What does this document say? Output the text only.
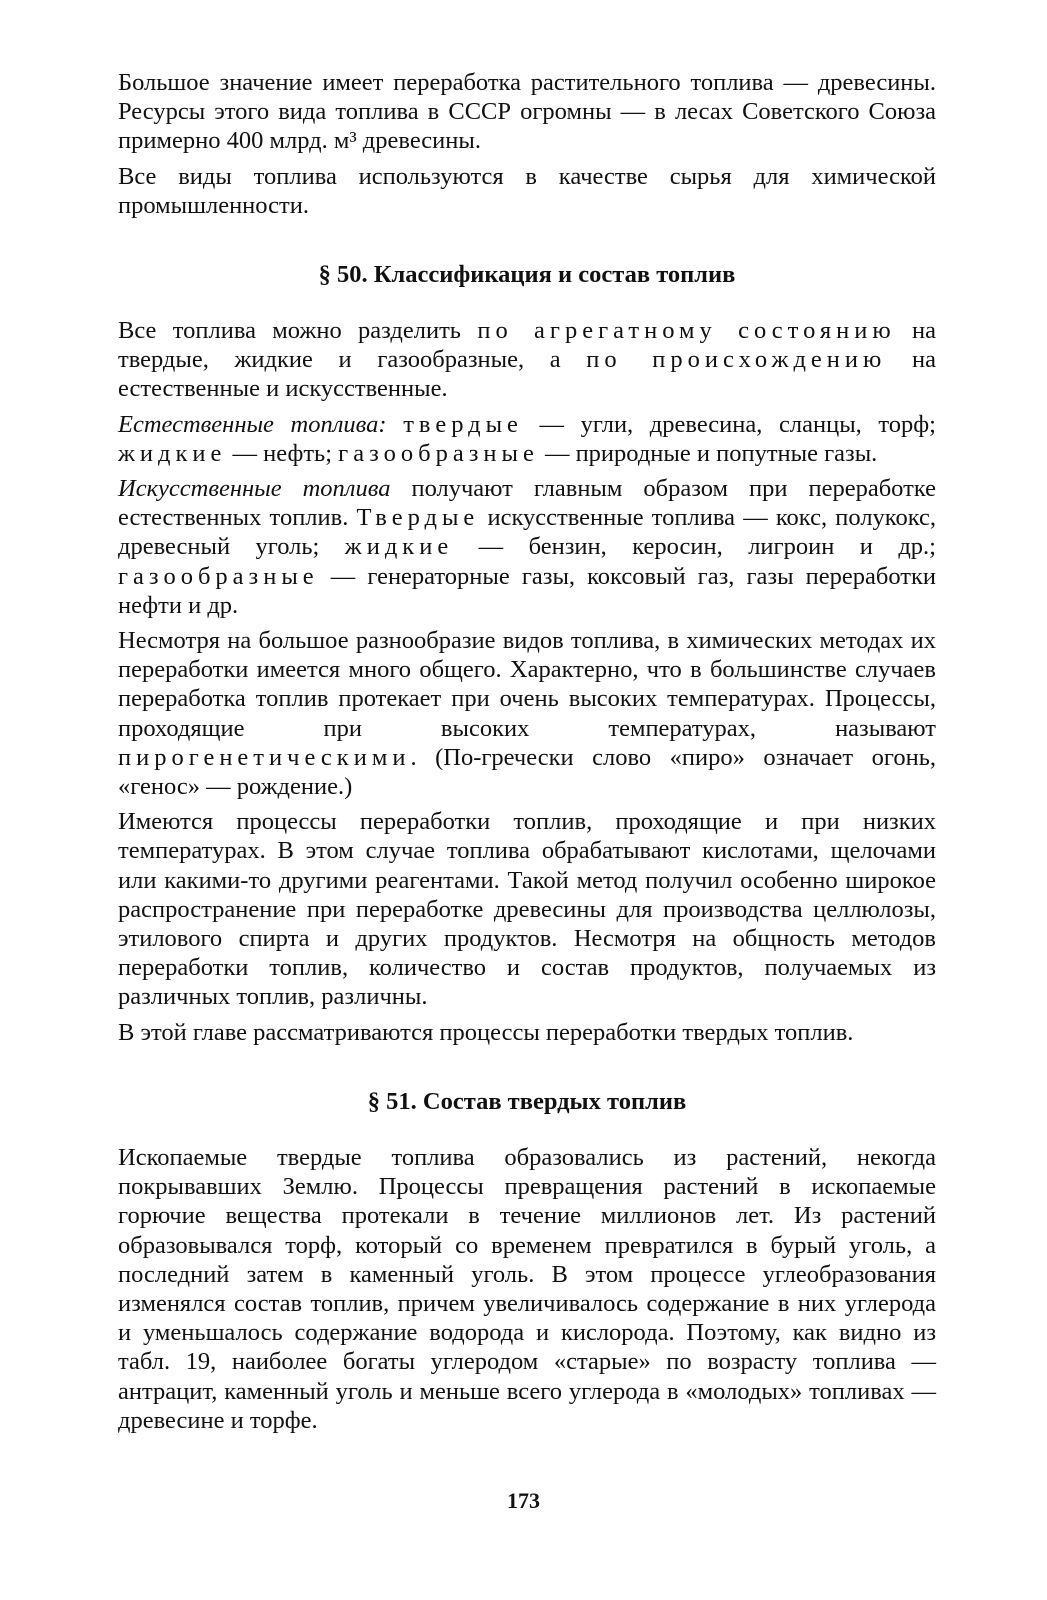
Большое значение имеет переработка растительного топлива — древесины. Ресурсы этого вида топлива в СССР огромны — в лесах Советского Союза примерно 400 млрд. м³ древесины.

Все виды топлива используются в качестве сырья для химической промышленности.

§ 50. Классификация и состав топлив

Все топлива можно разделить по агрегатному состоянию на твердые, жидкие и газообразные, а по происхождению на естественные и искусственные.

Естественные топлива: твердые — угли, древесина, сланцы, торф; жидкие — нефть; газообразные — природные и попутные газы.

Искусственные топлива получают главным образом при переработке естественных топлив. Твердые искусственные топлива — кокс, полукокс, древесный уголь; жидкие — бензин, керосин, лигроин и др.; газообразные — генераторные газы, коксовый газ, газы переработки нефти и др.

Несмотря на большое разнообразие видов топлива, в химических методах их переработки имеется много общего. Характерно, что в большинстве случаев переработка топлив протекает при очень высоких температурах. Процессы, проходящие при высоких температурах, называют пирогенетическими. (По-гречески слово «пиро» означает огонь, «генос» — рождение.)

Имеются процессы переработки топлив, проходящие и при низких температурах. В этом случае топлива обрабатывают кислотами, щелочами или какими-то другими реагентами. Такой метод получил особенно широкое распространение при переработке древесины для производства целлюлозы, этилового спирта и других продуктов. Несмотря на общность методов переработки топлив, количество и состав продуктов, получаемых из различных топлив, различны.

В этой главе рассматриваются процессы переработки твердых топлив.

§ 51. Состав твердых топлив

Ископаемые твердые топлива образовались из растений, некогда покрывавших Землю. Процессы превращения растений в ископаемые горючие вещества протекали в течение миллионов лет. Из растений образовывался торф, который со временем превратился в бурый уголь, а последний затем в каменный уголь. В этом процессе углеобразования изменялся состав топлив, причем увеличивалось содержание в них углерода и уменьшалось содержание водорода и кислорода. Поэтому, как видно из табл. 19, наиболее богаты углеродом «старые» по возрасту топлива — антрацит, каменный уголь и меньше всего углерода в «молодых» топливах — древесине и торфе.

173
